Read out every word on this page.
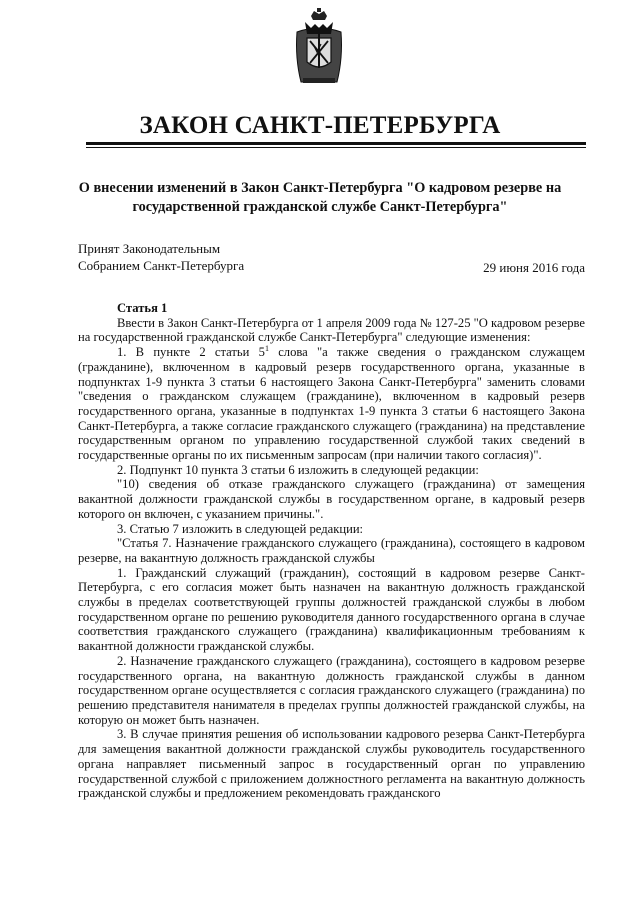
ЗАКОН САНКТ-ПЕТЕРБУРГА
О внесении изменений в Закон Санкт-Петербурга "О кадровом резерве на
государственной гражданской службе Санкт-Петербурга"
Принят Законодательным
Собранием Санкт-Петербурга	29 июня 2016 года

Статья 1

Ввести в Закон Санкт-Петербурга от 1 апреля 2009 года № 127-25 "О кадровом резерве на государственной гражданской службе Санкт-Петербурга" следующие изменения:

1. В пункте 2 статьи $5^1$ слова "а также сведения о гражданском служащем (гражданине), включенном в кадровый резерв государственного органа, указанные в подпунктах 1-9 пункта 3 статьи 6 настоящего Закона Санкт-Петербурга" заменить словами "сведения о гражданском служащем (гражданине), включенном в кадровый резерв государственного органа, указанные в подпунктах 1-9 пункта 3 статьи 6 настоящего Закона Санкт-Петербурга, а также согласие гражданского служащего (гражданина) на представление государственным органом по управлению государственной службой таких сведений в государственные органы по их письменным запросам (при наличии такого согласия)".

2. Подпункт 10 пункта 3 статьи 6 изложить в следующей редакции:

"10) сведения об отказе гражданского служащего (гражданина) от замещения вакантной должности гражданской службы в государственном органе, в кадровый резерв которого он включен, с указанием причины.".

3. Статью 7 изложить в следующей редакции:

"Статья 7. Назначение гражданского служащего (гражданина), состоящего в кадровом резерве, на вакантную должность гражданской службы

1. Гражданский служащий (гражданин), состоящий в кадровом резерве Санкт-Петербурга, с его согласия может быть назначен на вакантную должность гражданской службы в пределах соответствующей группы должностей гражданской службы в любом государственном органе по решению руководителя данного государственного органа в случае соответствия гражданского служащего (гражданина) квалификационным требованиям к вакантной должности гражданской службы.

2. Назначение гражданского служащего (гражданина), состоящего в кадровом резерве государственного органа, на вакантную должность гражданской службы в данном государственном органе осуществляется с согласия гражданского служащего (гражданина) по решению представителя нанимателя в пределах группы должностей гражданской службы, на которую он может быть назначен.

3. В случае принятия решения об использовании кадрового резерва Санкт-Петербурга для замещения вакантной должности гражданской службы руководитель государственного органа направляет письменный запрос в государственный орган по управлению государственной службой с приложением должностного регламента на вакантную должность гражданской службы и предложением рекомендовать гражданского
